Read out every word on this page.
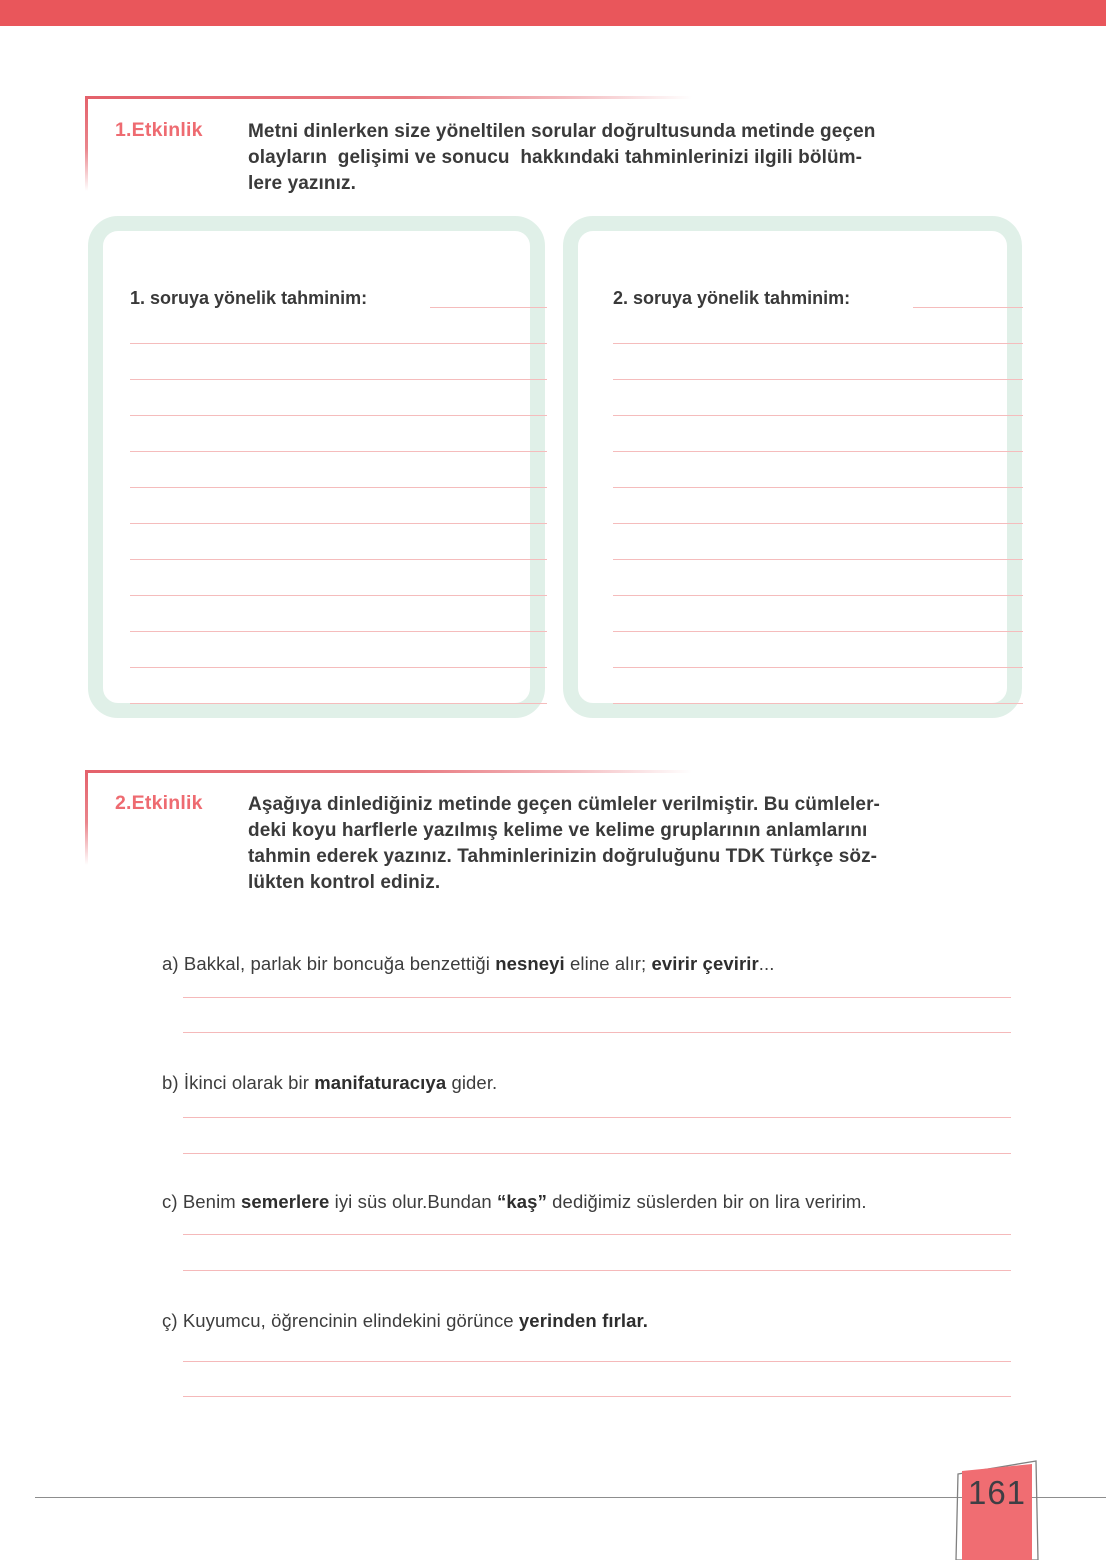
1.Etkinlik Metni dinlerken size yöneltilen sorular doğrultusunda metinde geçen
olayların  gelişimi ve sonucu  hakkındaki tahminlerinizi ilgili bölüm-
lere yazınız.
1. soruya yönelik tahminim:	2. soruya yönelik tahminim:
2.Etkinlik Aşağıya dinlediğiniz metinde geçen cümleler verilmiştir. Bu cümleler-
deki koyu harflerle yazılmış kelime ve kelime gruplarının anlamlarını
tahmin ederek yazınız. Tahminlerinizin doğruluğunu TDK Türkçe söz-
lükten kontrol ediniz.
a) Bakkal, parlak bir boncuğa benzettiği nesneyi eline alır; evirir çevirir...
b) İkinci olarak bir manifaturacıya gider.
c) Benim semerlere iyi süs olur.Bundan “kaş” dediğimiz süslerden bir on lira veririm.
ç) Kuyumcu, öğrencinin elindekini görünce yerinden fırlar.
161
